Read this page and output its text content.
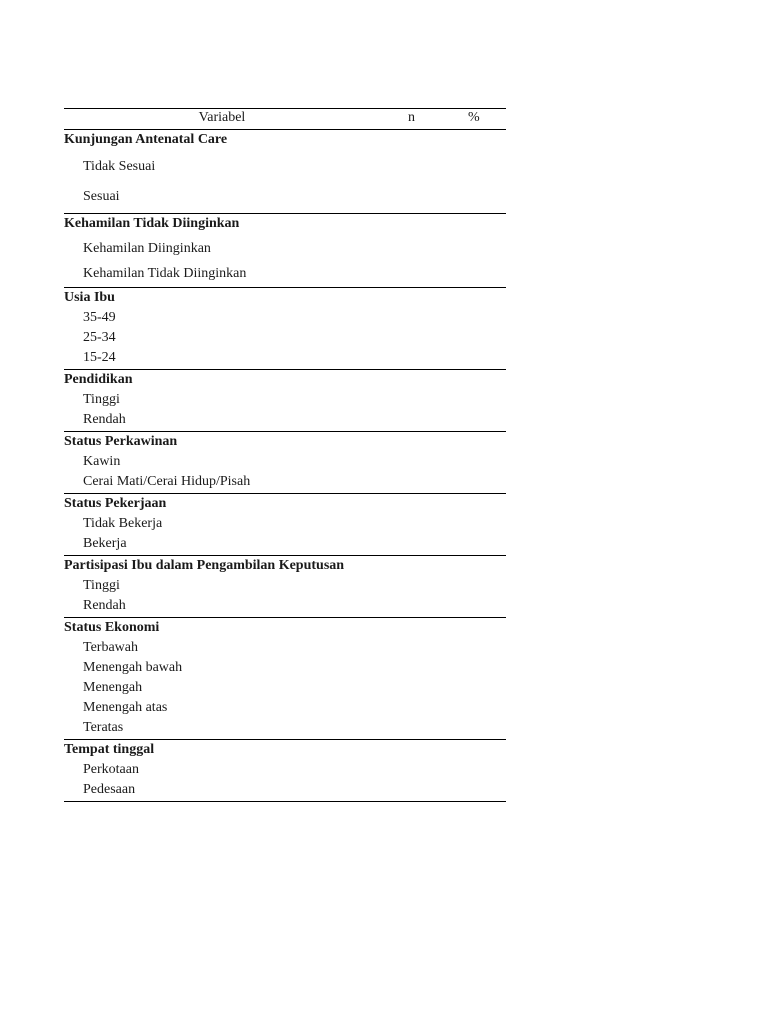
Variabel	n	%
Kunjungan Antenatal Care
Tidak Sesuai
Sesuai
Kehamilan Tidak Diinginkan
Kehamilan Diinginkan
Kehamilan Tidak Diinginkan
Usia Ibu
35-49
25-34
15-24
Pendidikan
Tinggi
Rendah
Status Perkawinan
Kawin
Cerai Mati/Cerai Hidup/Pisah
Status Pekerjaan
Tidak Bekerja
Bekerja
Partisipasi Ibu dalam Pengambilan Keputusan
Tinggi
Rendah
Status Ekonomi
Terbawah
Menengah bawah
Menengah
Menengah atas
Teratas
Tempat tinggal
Perkotaan
Pedesaan
